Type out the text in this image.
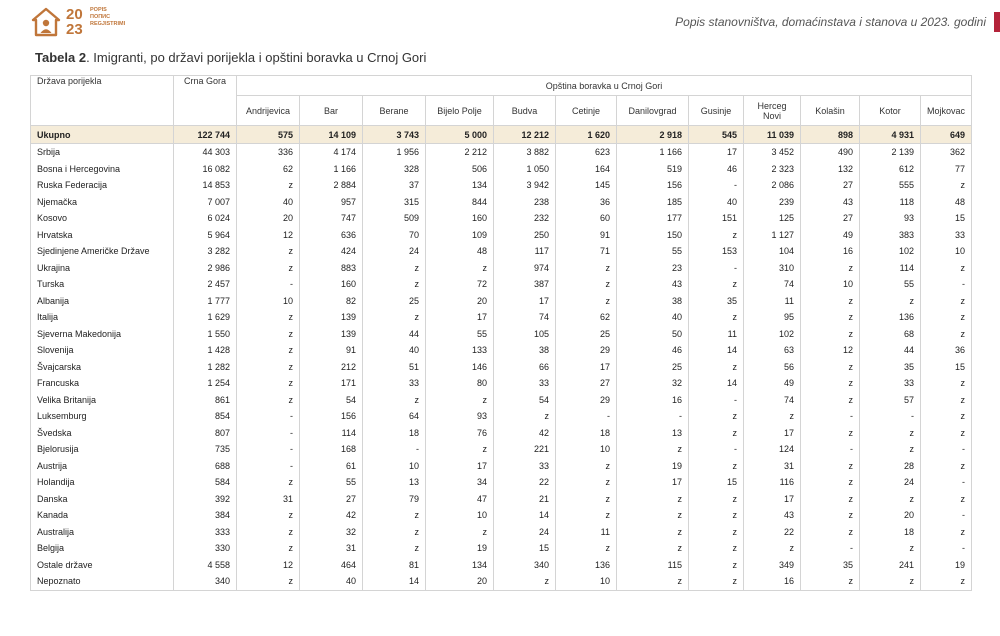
20
23
POPIS
ПОПИС
REGJISTRIMI	Popis stanovništva, domaćinstava i stanova u 2023. godini
Tabela 2. Imigranti, po državi porijekla i opštini boravka u Crnoj Gori
Država porijekla	Crna Gora	Opština boravka u Crnoj Gori											
		Andrijevica	Bar	Berane	Bijelo Polje	Budva	Cetinje	Danilovgrad	Gusinje	Herceg Novi	Kolašin	Kotor	Mojkovac
Ukupno	122 744	575	14 109	3 743	5 000	12 212	1 620	2 918	545	11 039	898	4 931	649
Srbija	44 303	336	4 174	1 956	2 212	3 882	623	1 166	17	3 452	490	2 139	362
Bosna i Hercegovina	16 082	62	1 166	328	506	1 050	164	519	46	2 323	132	612	77
Ruska Federacija	14 853	z	2 884	37	134	3 942	145	156	-	2 086	27	555	z
Njemačka	7 007	40	957	315	844	238	36	185	40	239	43	118	48
Kosovo	6 024	20	747	509	160	232	60	177	151	125	27	93	15
Hrvatska	5 964	12	636	70	109	250	91	150	z	1 127	49	383	33
Sjedinjene Američke Države	3 282	z	424	24	48	117	71	55	153	104	16	102	10
Ukrajina	2 986	z	883	z	z	974	z	23	-	310	z	114	z
Turska	2 457	-	160	z	72	387	z	43	z	74	10	55	-
Albanija	1 777	10	82	25	20	17	z	38	35	11	z	z	z
Italija	1 629	z	139	z	17	74	62	40	z	95	z	136	z
Sjeverna Makedonija	1 550	z	139	44	55	105	25	50	11	102	z	68	z
Slovenija	1 428	z	91	40	133	38	29	46	14	63	12	44	36
Švajcarska	1 282	z	212	51	146	66	17	25	z	56	z	35	15
Francuska	1 254	z	171	33	80	33	27	32	14	49	z	33	z
Velika Britanija	861	z	54	z	z	54	29	16	-	74	z	57	z
Luksemburg	854	-	156	64	93	z	-	-	z	z	-	-	z
Švedska	807	-	114	18	76	42	18	13	z	17	z	z	z
Bjelorusija	735	-	168	-	z	221	10	z	-	124	-	z	-
Austrija	688	-	61	10	17	33	z	19	z	31	z	28	z
Holandija	584	z	55	13	34	22	z	17	15	116	z	24	-
Danska	392	31	27	79	47	21	z	z	z	17	z	z	z
Kanada	384	z	42	z	10	14	z	z	z	43	z	20	-
Australija	333	z	32	z	z	24	11	z	z	22	z	18	z
Belgija	330	z	31	z	19	15	z	z	z	z	-	z	-
Ostale države	4 558	12	464	81	134	340	136	115	z	349	35	241	19
Nepoznato	340	z	40	14	20	z	10	z	z	16	z	z	z
